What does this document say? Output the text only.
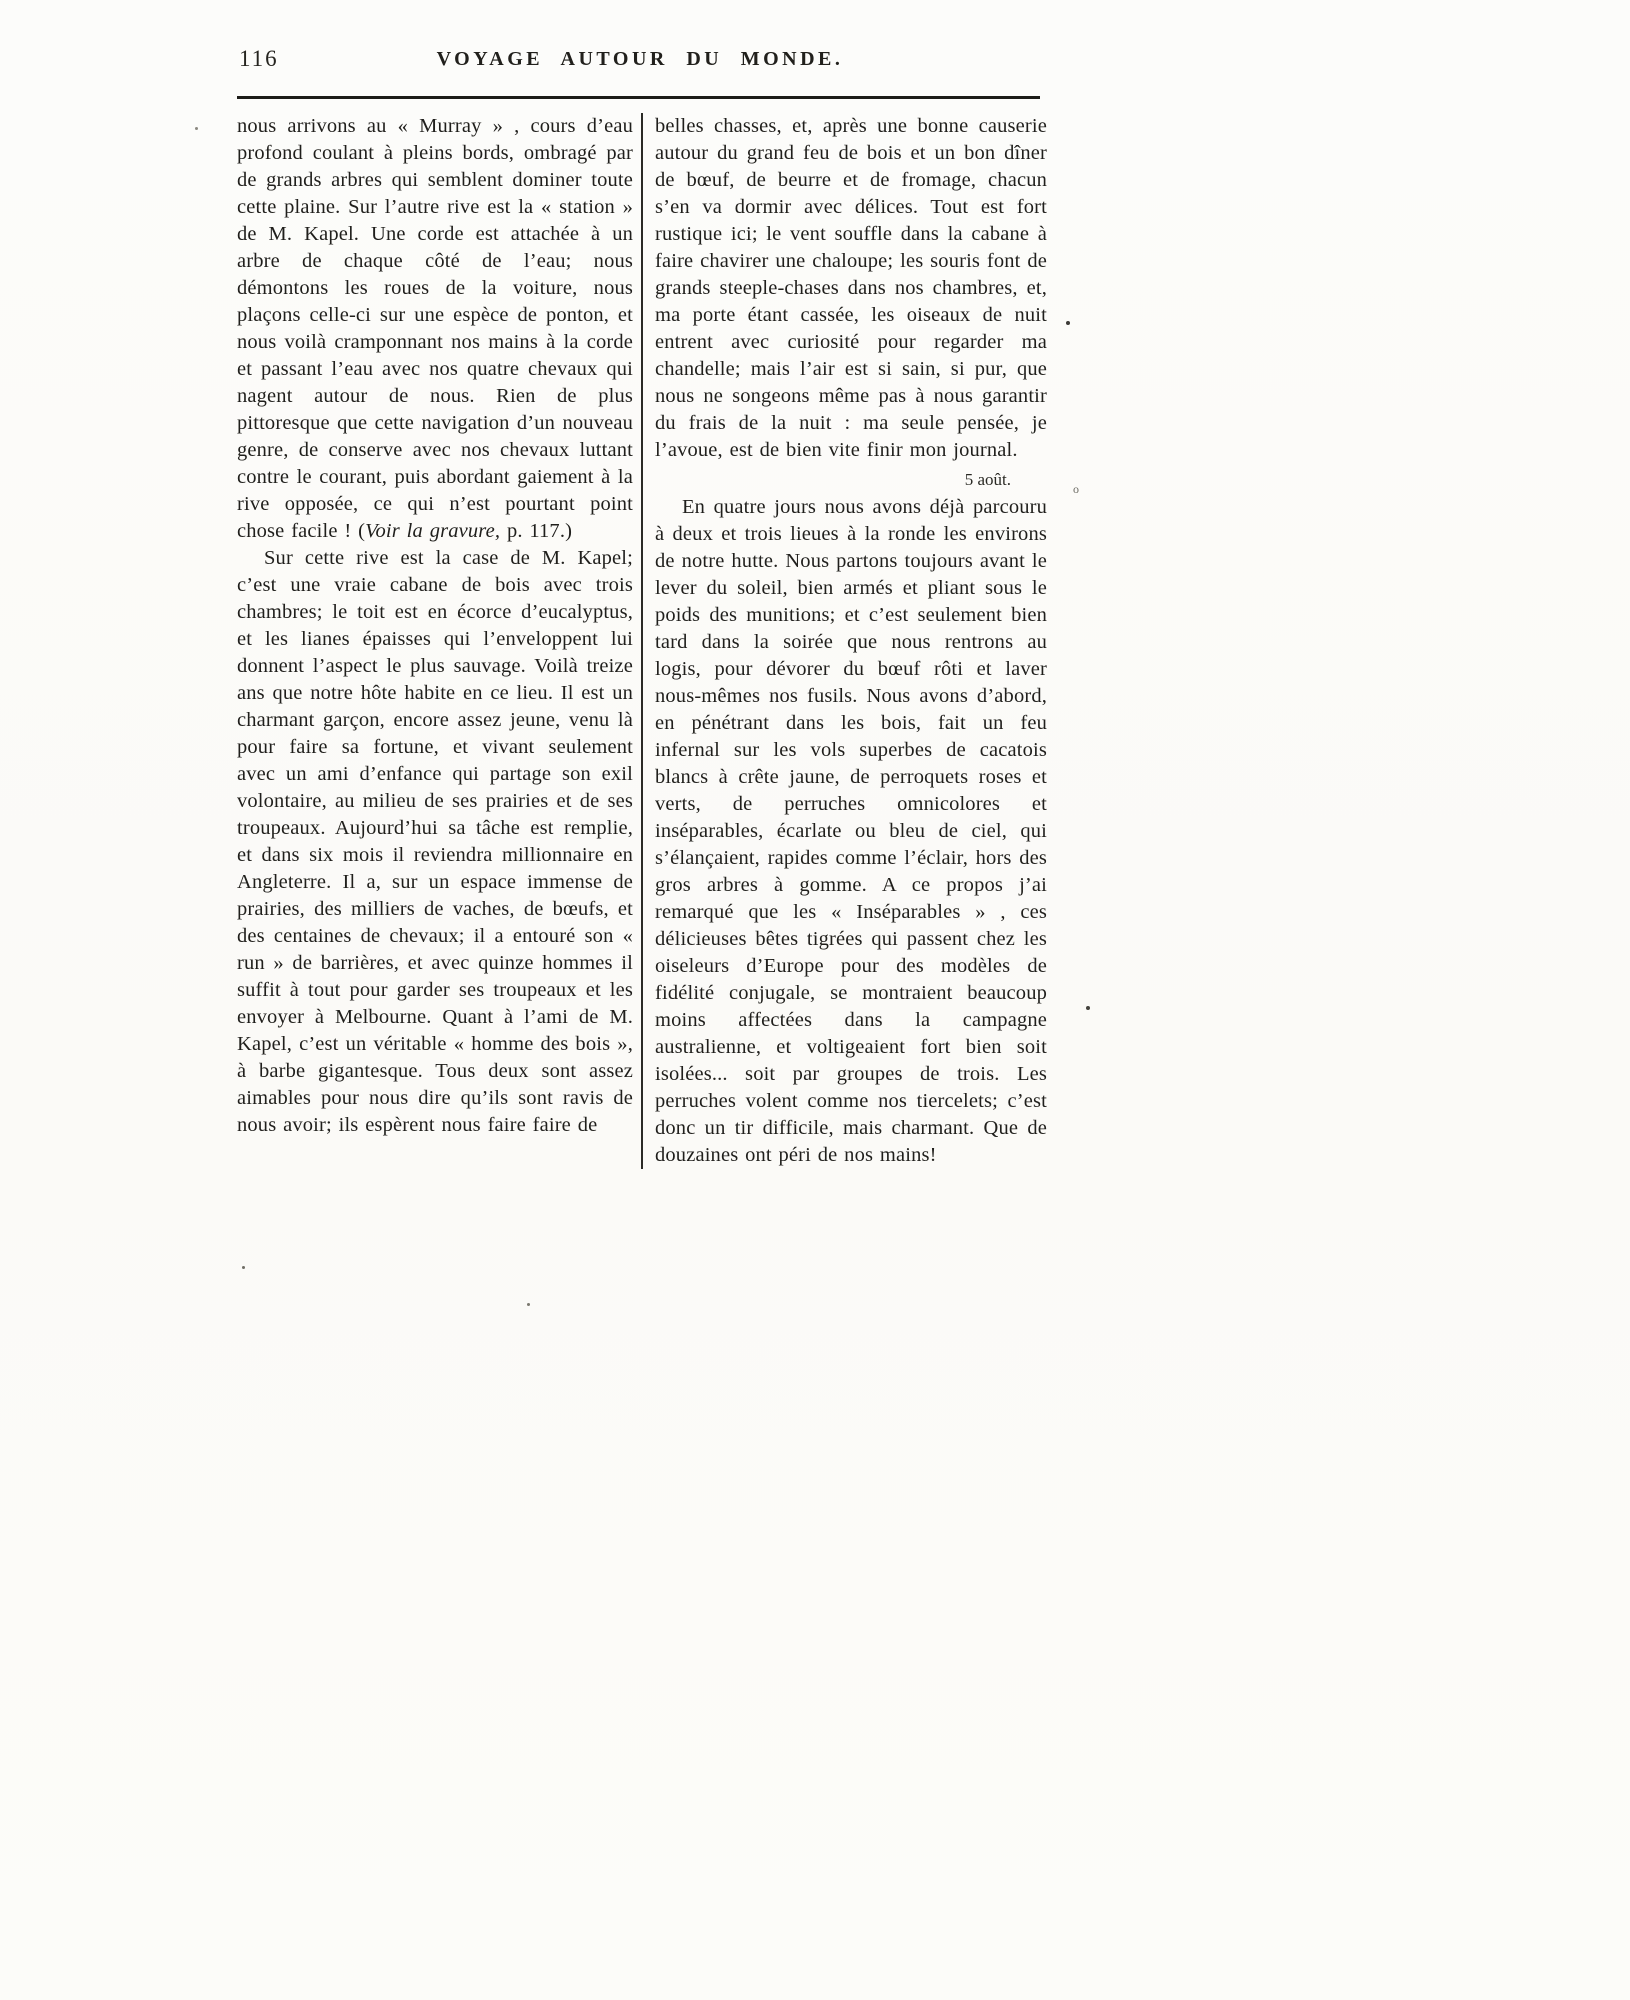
116	VOYAGE AUTOUR DU MONDE.

nous arrivons au « Murray » , cours d’eau profond coulant à pleins bords, ombragé par de grands arbres qui semblent dominer toute cette plaine. Sur l’autre rive est la « station » de M. Kapel. Une corde est attachée à un arbre de chaque côté de l’eau; nous démontons les roues de la voiture, nous plaçons celle-ci sur une espèce de ponton, et nous voilà cramponnant nos mains à la corde et passant l’eau avec nos quatre chevaux qui nagent autour de nous. Rien de plus pittoresque que cette navigation d’un nouveau genre, de conserve avec nos chevaux luttant contre le courant, puis abordant gaiement à la rive opposée, ce qui n’est pourtant point chose facile ! (Voir la gravure, p. 117.)

Sur cette rive est la case de M. Kapel; c’est une vraie cabane de bois avec trois chambres; le toit est en écorce d’eucalyptus, et les lianes épaisses qui l’enveloppent lui donnent l’aspect le plus sauvage. Voilà treize ans que notre hôte habite en ce lieu. Il est un charmant garçon, encore assez jeune, venu là pour faire sa fortune, et vivant seulement avec un ami d’enfance qui partage son exil volontaire, au milieu de ses prairies et de ses troupeaux. Aujourd’hui sa tâche est remplie, et dans six mois il reviendra millionnaire en Angleterre. Il a, sur un espace immense de prairies, des milliers de vaches, de bœufs, et des centaines de chevaux; il a entouré son « run » de barrières, et avec quinze hommes il suffit à tout pour garder ses troupeaux et les envoyer à Melbourne. Quant à l’ami de M. Kapel, c’est un véritable « homme des bois », à barbe gigantesque. Tous deux sont assez aimables pour nous dire qu’ils sont ravis de nous avoir; ils espèrent nous faire faire de

belles chasses, et, après une bonne causerie autour du grand feu de bois et un bon dîner de bœuf, de beurre et de fromage, chacun s’en va dormir avec délices. Tout est fort rustique ici; le vent souffle dans la cabane à faire chavirer une chaloupe; les souris font de grands steeple-chases dans nos chambres, et, ma porte étant cassée, les oiseaux de nuit entrent avec curiosité pour regarder ma chandelle; mais l’air est si sain, si pur, que nous ne songeons même pas à nous garantir du frais de la nuit : ma seule pensée, je l’avoue, est de bien vite finir mon journal.

5 août.

En quatre jours nous avons déjà parcouru à deux et trois lieues à la ronde les environs de notre hutte. Nous partons toujours avant le lever du soleil, bien armés et pliant sous le poids des munitions; et c’est seulement bien tard dans la soirée que nous rentrons au logis, pour dévorer du bœuf rôti et laver nous-mêmes nos fusils. Nous avons d’abord, en pénétrant dans les bois, fait un feu infernal sur les vols superbes de cacatois blancs à crête jaune, de perroquets roses et verts, de perruches omnicolores et inséparables, écarlate ou bleu de ciel, qui s’élançaient, rapides comme l’éclair, hors des gros arbres à gomme. A ce propos j’ai remarqué que les « Inséparables » , ces délicieuses bêtes tigrées qui passent chez les oiseleurs d’Europe pour des modèles de fidélité conjugale, se montraient beaucoup moins affectées dans la campagne australienne, et voltigeaient fort bien soit isolées... soit par groupes de trois. Les perruches volent comme nos tiercelets; c’est donc un tir difficile, mais charmant. Que de douzaines ont péri de nos mains!

o
